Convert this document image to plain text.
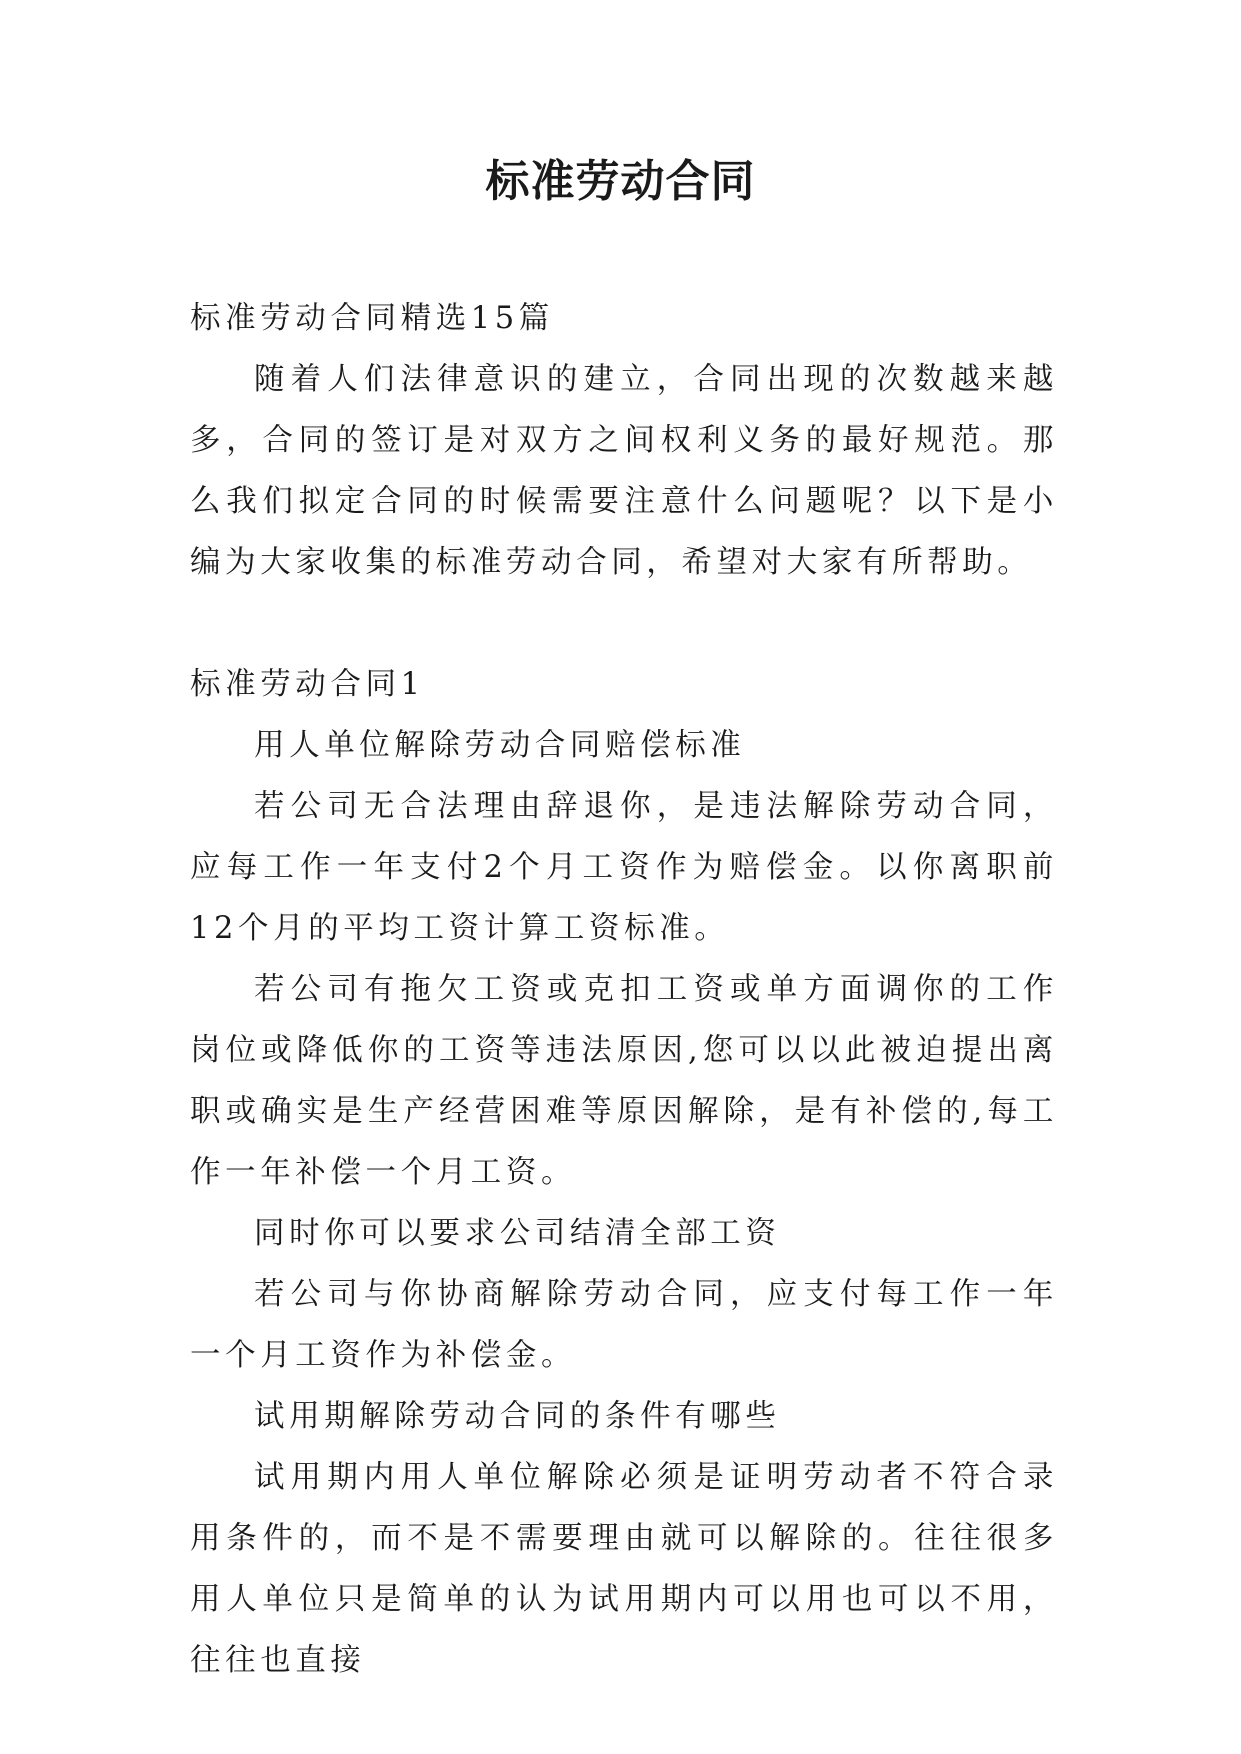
标准劳动合同

标准劳动合同精选15篇

随着人们法律意识的建立，合同出现的次数越来越多，合同的签订是对双方之间权利义务的最好规范。那么我们拟定合同的时候需要注意什么问题呢？以下是小编为大家收集的标准劳动合同，希望对大家有所帮助。

标准劳动合同1

用人单位解除劳动合同赔偿标准

若公司无合法理由辞退你，是违法解除劳动合同，应每工作一年支付2个月工资作为赔偿金。以你离职前12个月的平均工资计算工资标准。

若公司有拖欠工资或克扣工资或单方面调你的工作岗位或降低你的工资等违法原因,您可以以此被迫提出离职或确实是生产经营困难等原因解除，是有补偿的,每工作一年补偿一个月工资。

同时你可以要求公司结清全部工资

若公司与你协商解除劳动合同，应支付每工作一年一个月工资作为补偿金。

试用期解除劳动合同的条件有哪些

试用期内用人单位解除必须是证明劳动者不符合录用条件的，而不是不需要理由就可以解除的。往往很多用人单位只是简单的认为试用期内可以用也可以不用，往往也直接
